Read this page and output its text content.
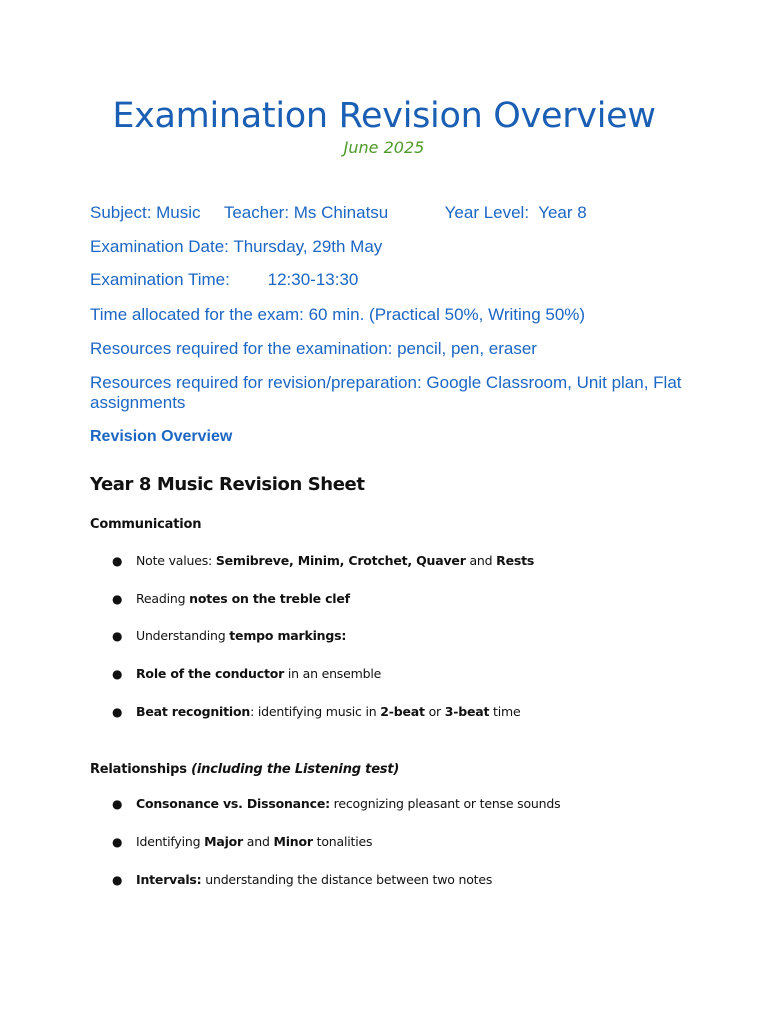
Examination Revision Overview
June 2025
Subject: Music     Teacher: Ms Chinatsu            Year Level:  Year 8
Examination Date: Thursday, 29th May
Examination Time:        12:30-13:30
Time allocated for the exam: 60 min. (Practical 50%, Writing 50%)
Resources required for the examination: pencil, pen, eraser
Resources required for revision/preparation: Google Classroom, Unit plan, Flat assignments
Revision Overview
Year 8 Music Revision Sheet
Communication
● Note values: Semibreve, Minim, Crotchet, Quaver and Rests
● Reading notes on the treble clef
● Understanding tempo markings:
● Role of the conductor in an ensemble
● Beat recognition: identifying music in 2-beat or 3-beat time
Relationships (including the Listening test)
● Consonance vs. Dissonance: recognizing pleasant or tense sounds
● Identifying Major and Minor tonalities
● Intervals: understanding the distance between two notes
